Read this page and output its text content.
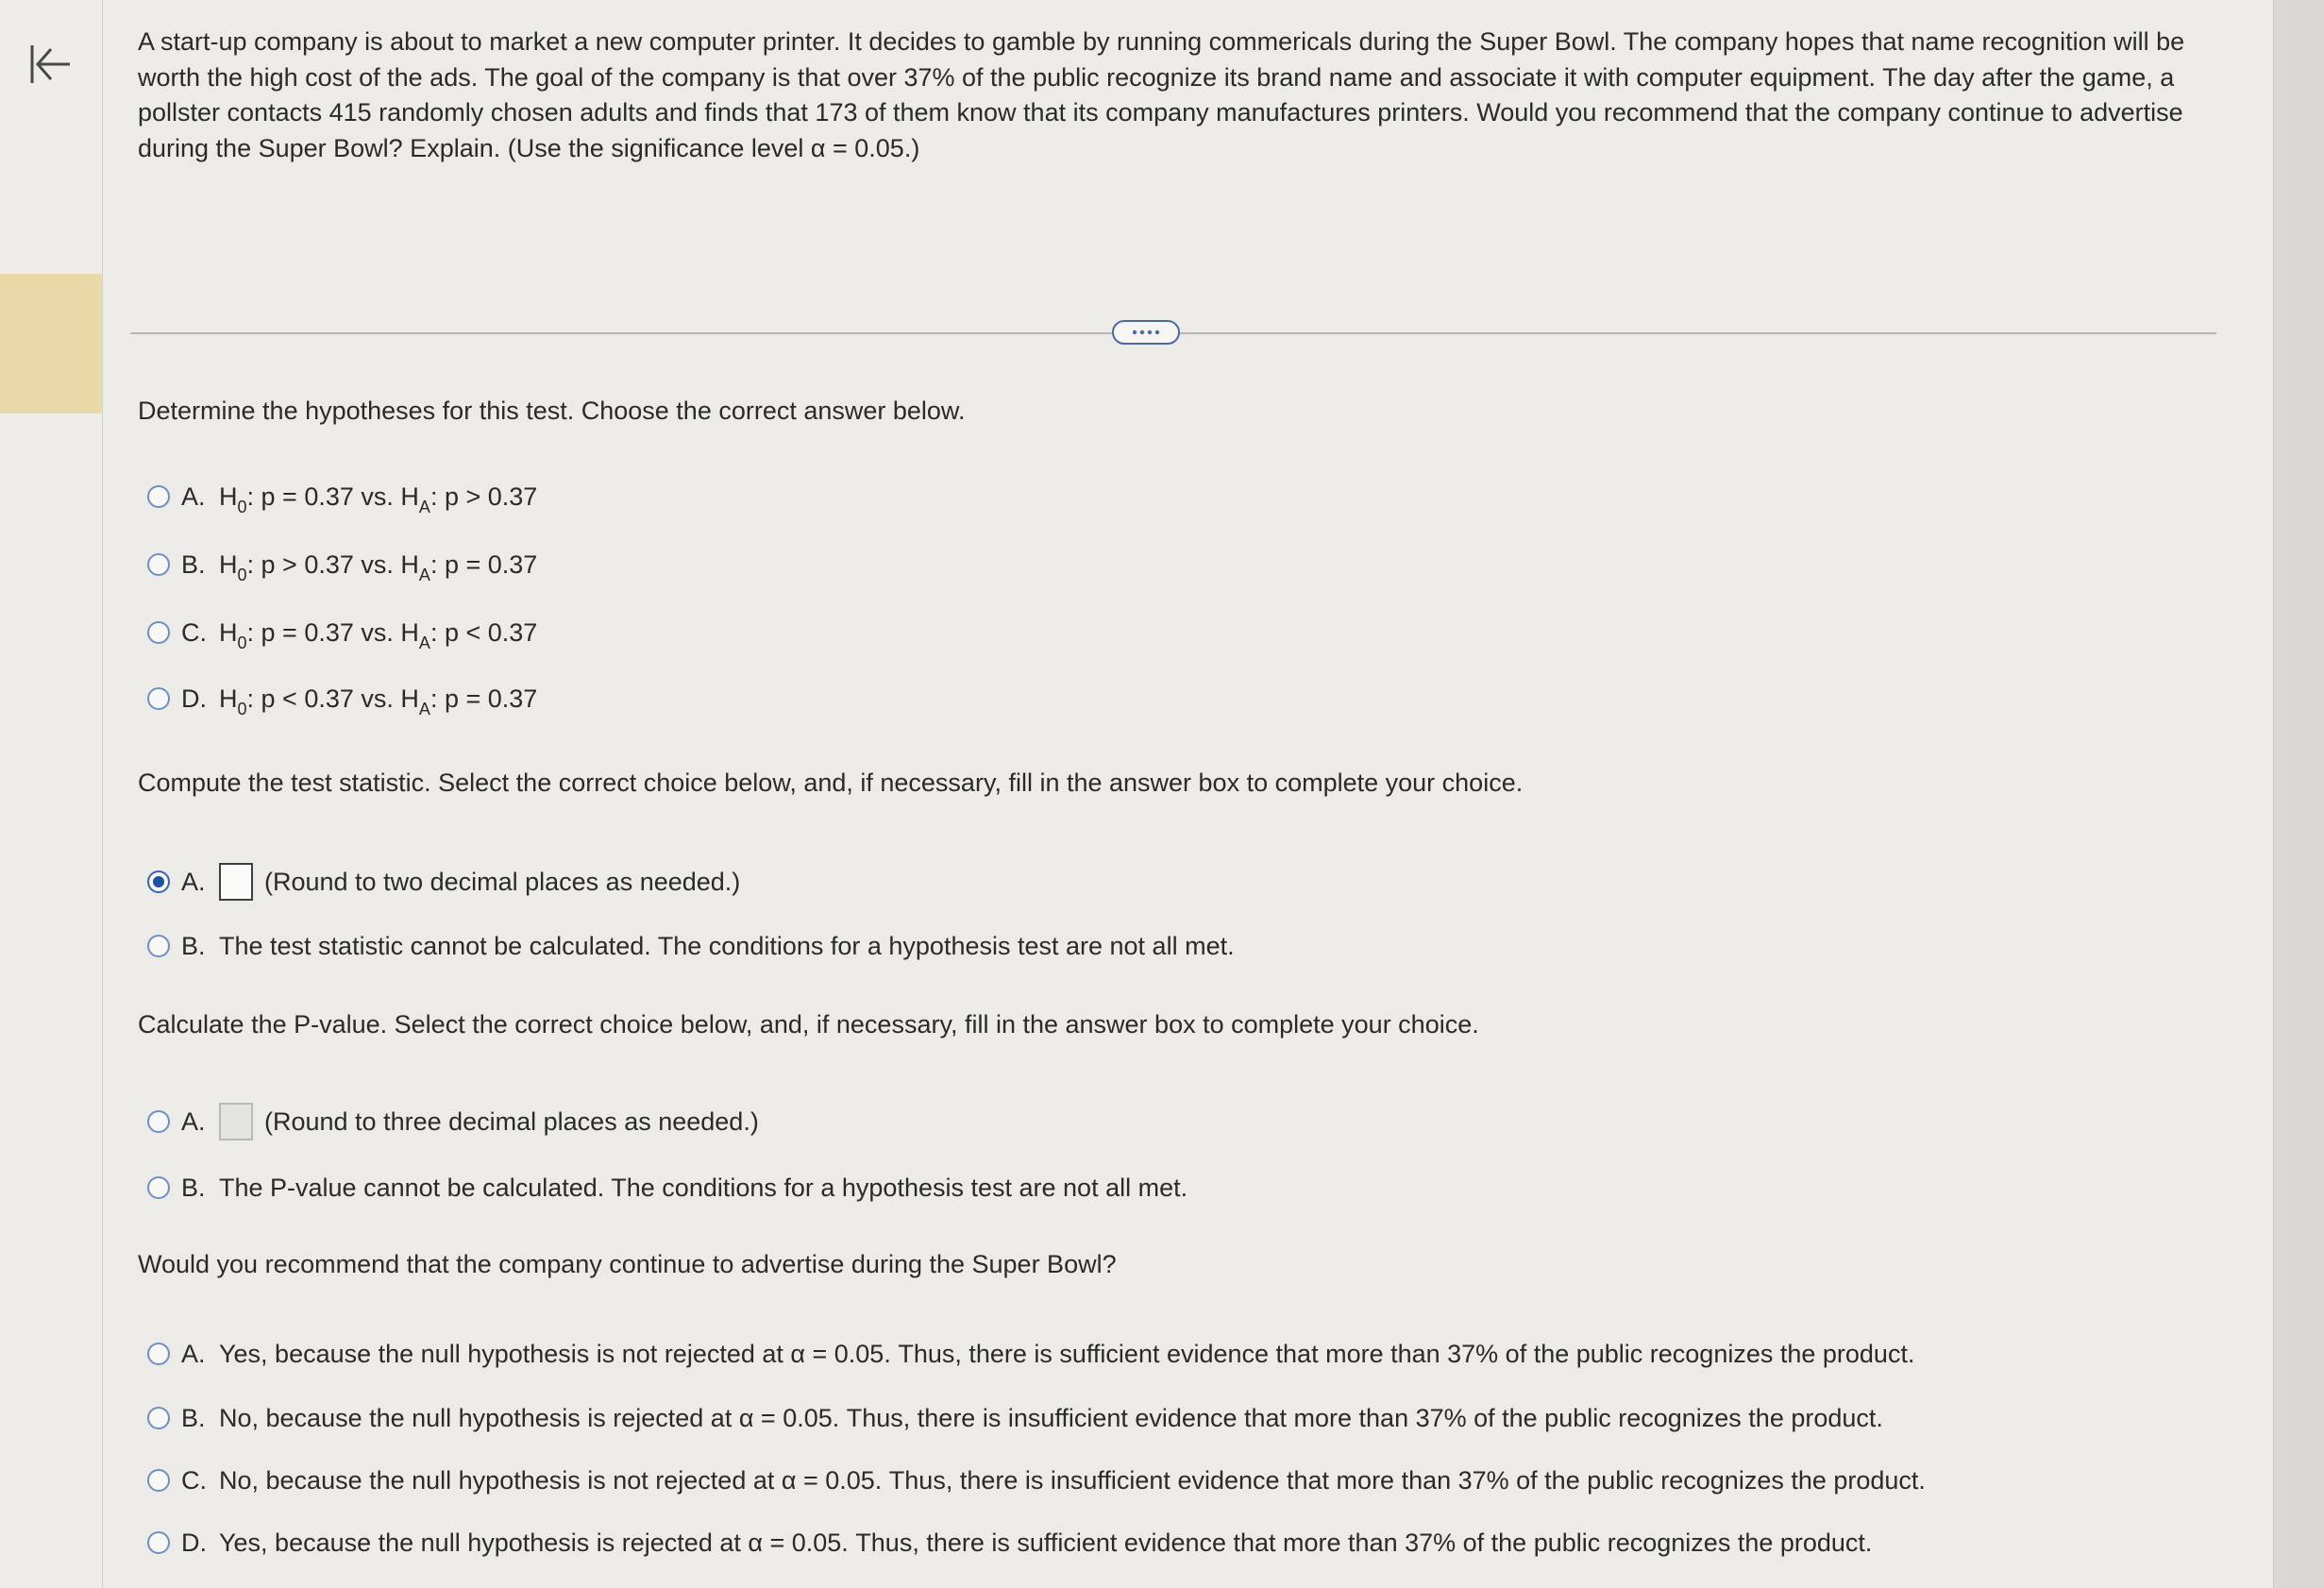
A start-up company is about to market a new computer printer. It decides to gamble by running commericals during the Super Bowl. The company hopes that name recognition will be worth the high cost of the ads. The goal of the company is that over 37% of the public recognize its brand name and associate it with computer equipment. The day after the game, a pollster contacts 415 randomly chosen adults and finds that 173 of them know that its company manufactures printers. Would you recommend that the company continue to advertise during the Super Bowl? Explain. (Use the significance level α = 0.05.)
Determine the hypotheses for this test. Choose the correct answer below.
A. $H_0$: p = 0.37 vs. $H_A$: p > 0.37
B. $H_0$: p > 0.37 vs. $H_A$: p = 0.37
C. $H_0$: p = 0.37 vs. $H_A$: p < 0.37
D. $H_0$: p < 0.37 vs. $H_A$: p = 0.37
Compute the test statistic. Select the correct choice below, and, if necessary, fill in the answer box to complete your choice.
A.	(Round to two decimal places as needed.)
B. The test statistic cannot be calculated. The conditions for a hypothesis test are not all met.
Calculate the P-value. Select the correct choice below, and, if necessary, fill in the answer box to complete your choice.
A.	(Round to three decimal places as needed.)
B. The P-value cannot be calculated. The conditions for a hypothesis test are not all met.
Would you recommend that the company continue to advertise during the Super Bowl?
A. Yes, because the null hypothesis is not rejected at α = 0.05. Thus, there is sufficient evidence that more than 37% of the public recognizes the product.
B. No, because the null hypothesis is rejected at α = 0.05. Thus, there is insufficient evidence that more than 37% of the public recognizes the product.
C. No, because the null hypothesis is not rejected at α = 0.05. Thus, there is insufficient evidence that more than 37% of the public recognizes the product.
D. Yes, because the null hypothesis is rejected at α = 0.05. Thus, there is sufficient evidence that more than 37% of the public recognizes the product.
